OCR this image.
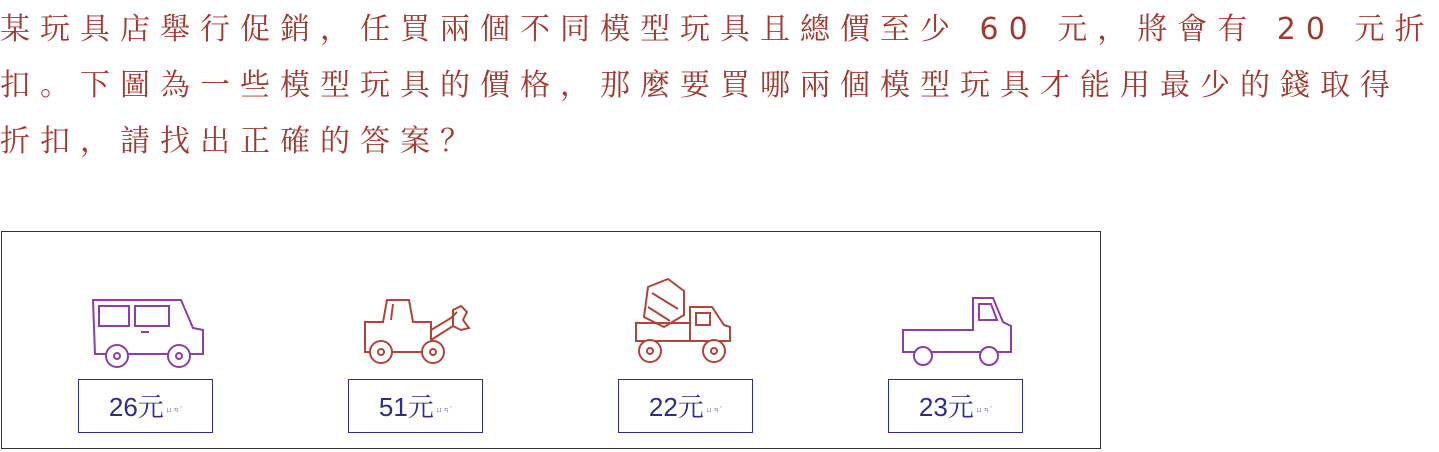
某玩具店舉行促銷，任買兩個不同模型玩具且總價至少 60 元，將會有 20 元折扣。下圖為一些模型玩具的價格，那麼要買哪兩個模型玩具才能用最少的錢取得折扣，請找出正確的答案？

26元 ㄩㄢˊ	51元 ㄩㄢˊ	22元 ㄩㄢˊ	23元 ㄩㄢˊ
